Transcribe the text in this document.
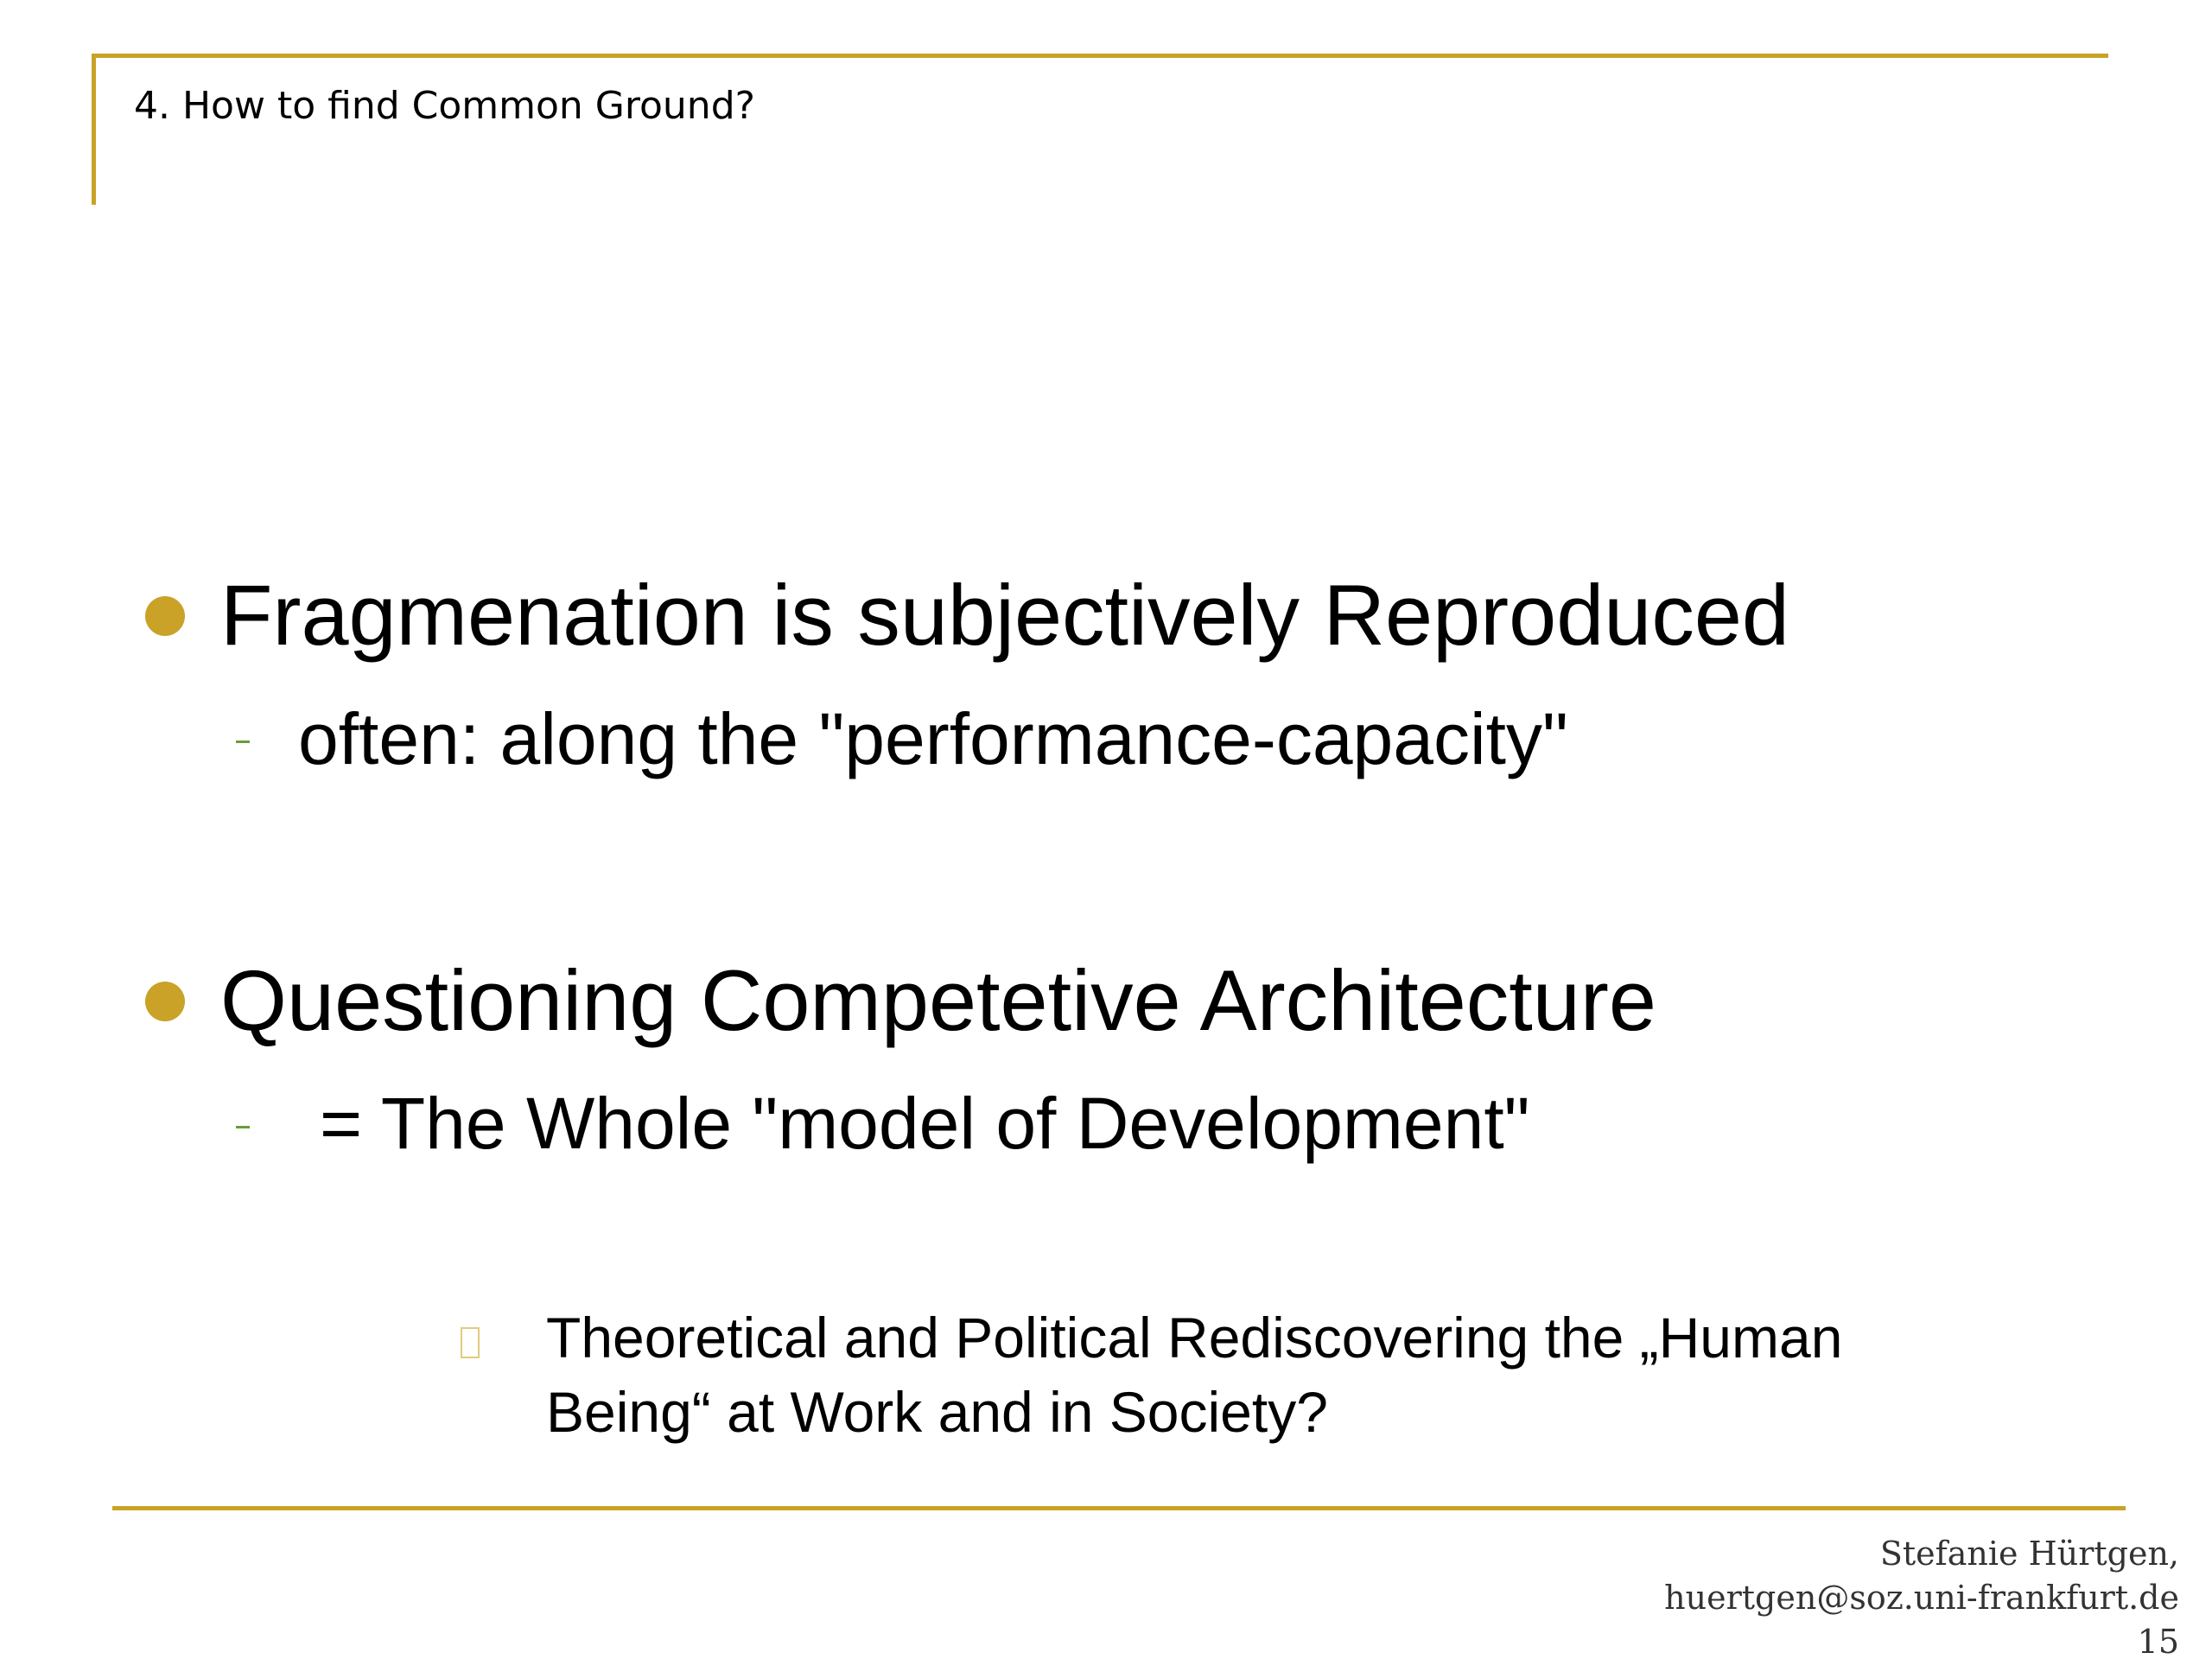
4. How to find Common Ground?
Fragmenation is subjectively Reproduced
often: along the "performance-capacity"
Questioning Competetive Architecture
= The Whole "model of Development"
Theoretical and Political Rediscovering the „Human
Being“ at Work and in Society?
Stefanie Hürtgen,
huertgen@soz.uni-frankfurt.de
15
